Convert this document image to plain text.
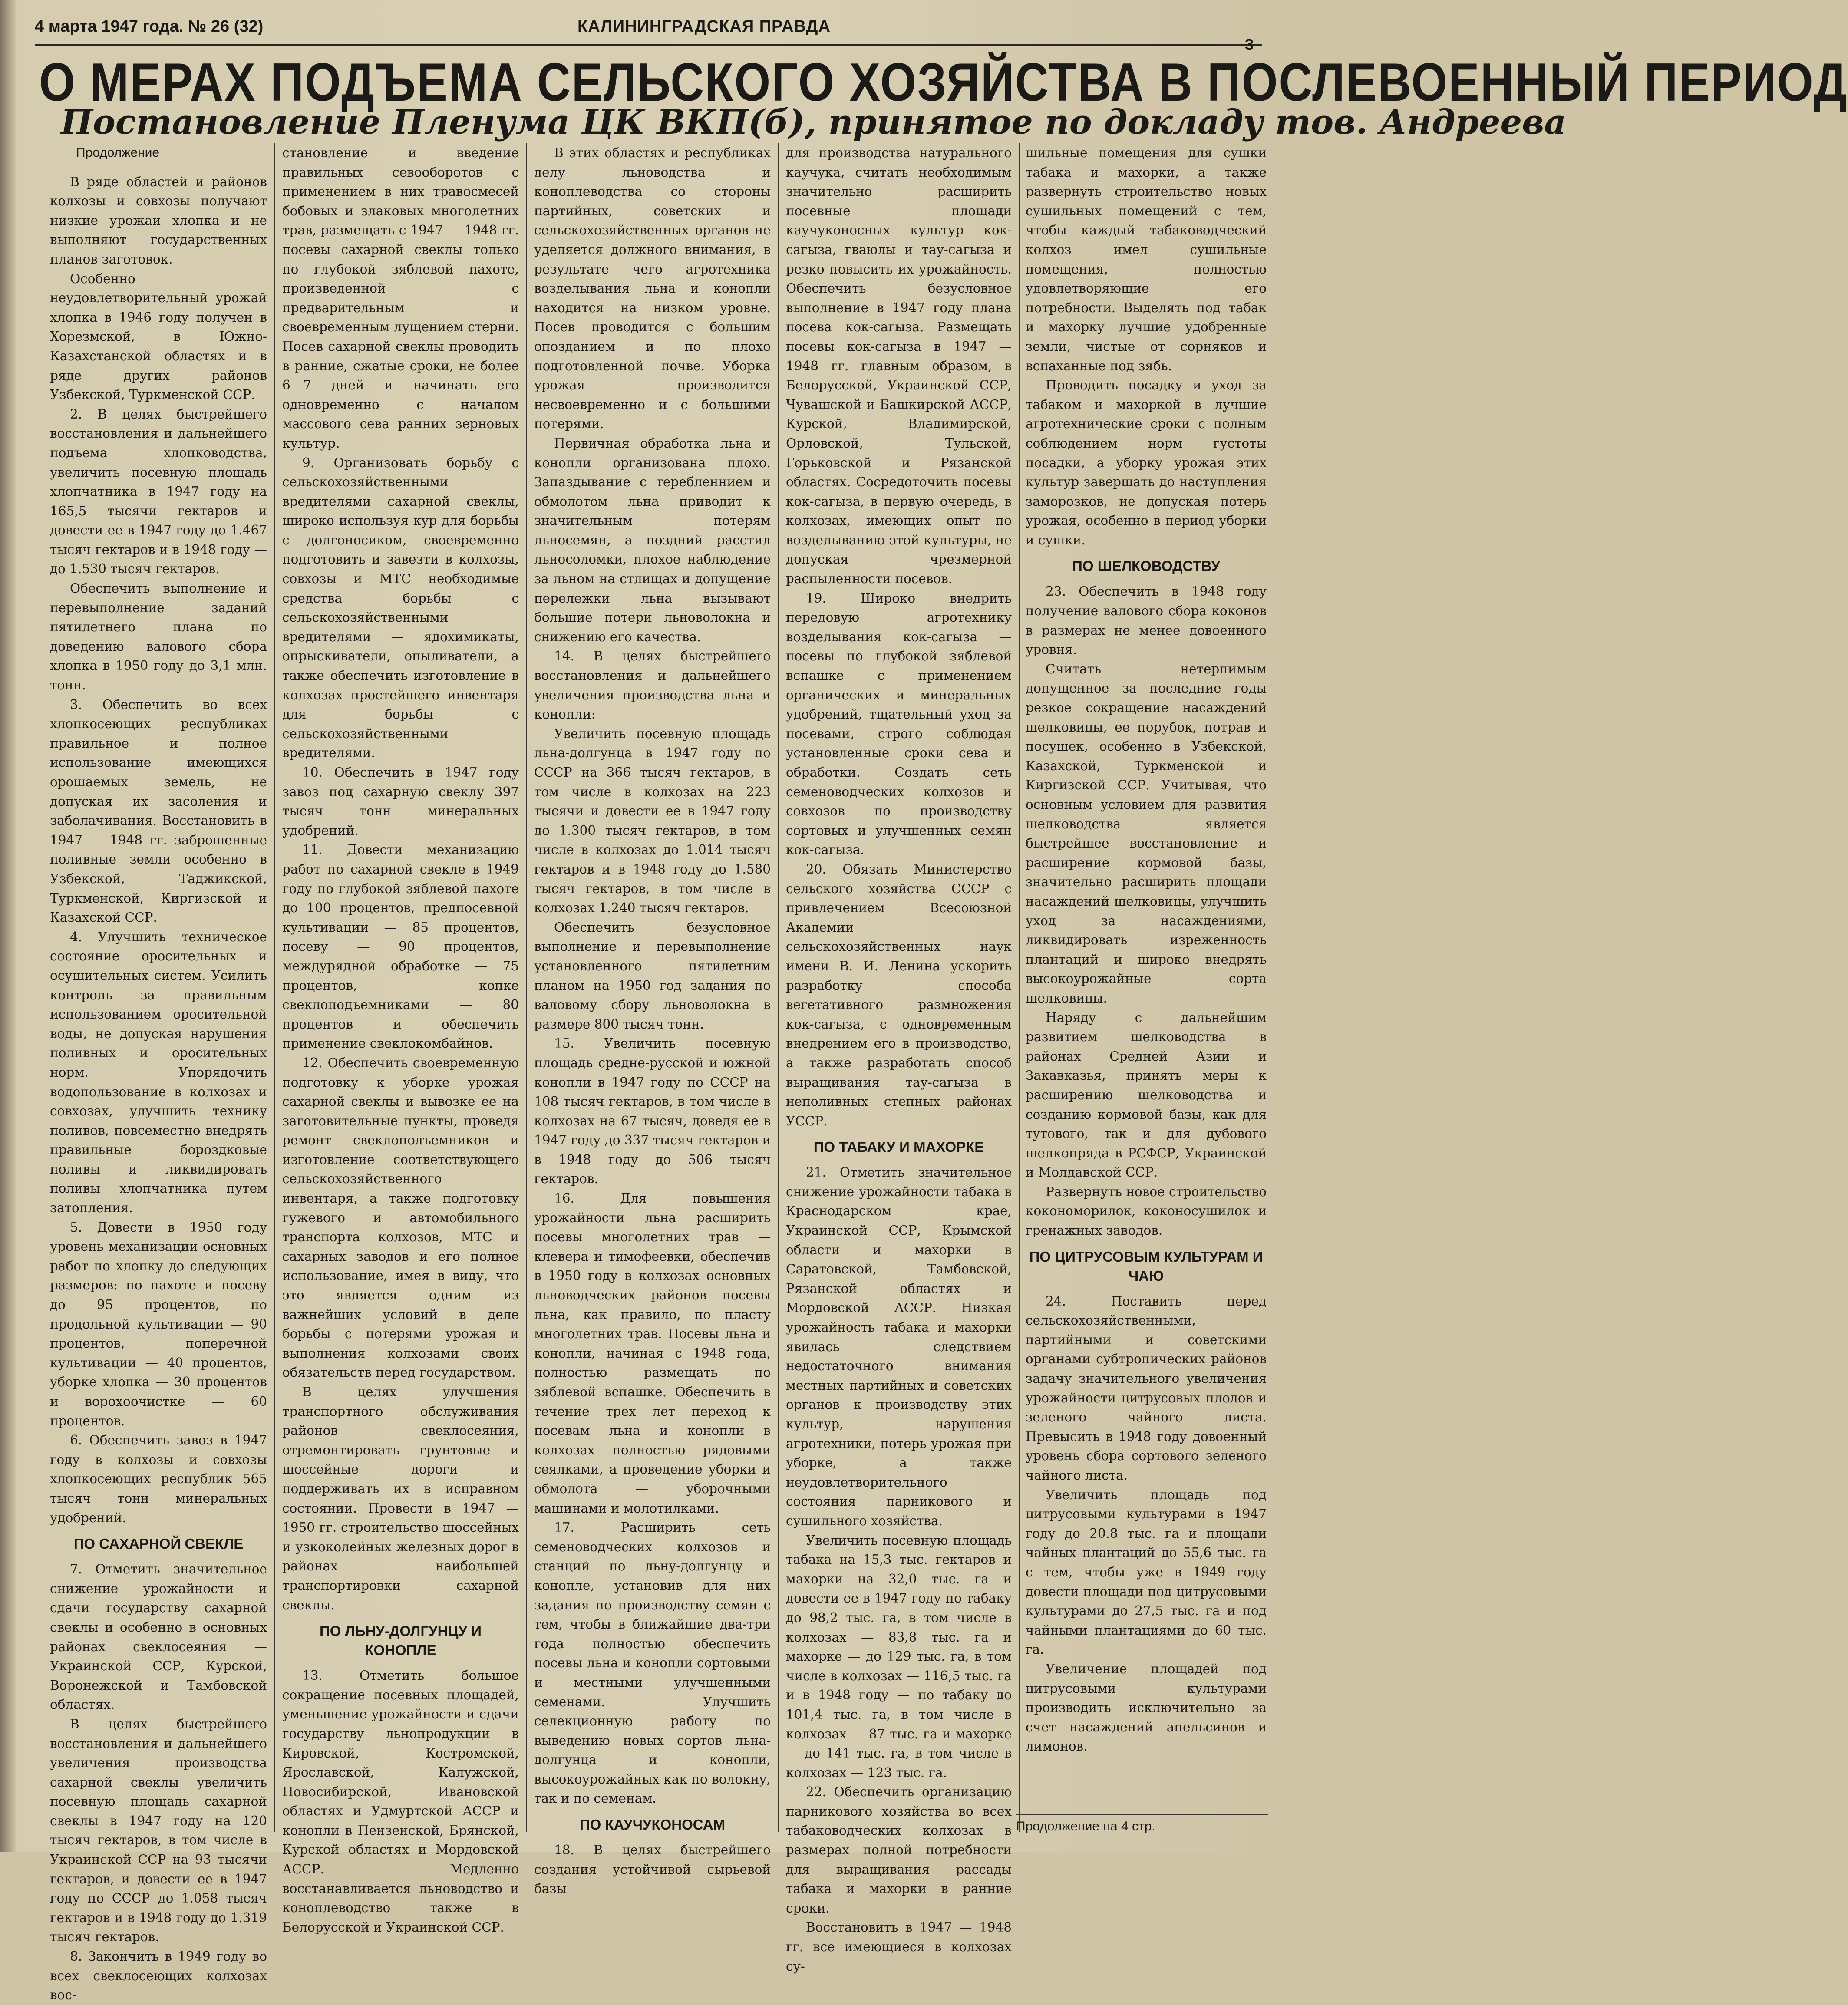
4 марта 1947 года. № 26 (32)	КАЛИНИНГРАДСКАЯ ПРАВДА
3
О МЕРАХ ПОДЪЕМА СЕЛЬСКОГО ХОЗЯЙСТВА В ПОСЛЕВОЕННЫЙ ПЕРИОД
Постановление Пленума ЦК ВКП(б), принятое по докладу тов. Андреева

Продолжение

В ряде областей и районов колхозы и совхозы получают низкие урожаи хлопка и не выполняют государственных планов заготовок.

Особенно неудовлетворительный урожай хлопка в 1946 году получен в Хорезмской, в Южно-Казахстанской областях и в ряде других районов Узбекской, Туркменской ССР.

2. В целях быстрейшего восстановления и дальнейшего подъема хлопководства, увеличить посевную площадь хлопчатника в 1947 году на 165,5 тысячи гектаров и довести ее в 1947 году до 1.467 тысяч гектаров и в 1948 году — до 1.530 тысяч гектаров.

Обеспечить выполнение и перевыполнение заданий пятилетнего плана по доведению валового сбора хлопка в 1950 году до 3,1 млн. тонн.

3. Обеспечить во всех хлопкосеющих республиках правильное и полное использование имеющихся орошаемых земель, не допуская их засоления и заболачивания. Восстановить в 1947 — 1948 гг. заброшенные поливные земли особенно в Узбекской, Таджикской, Туркменской, Киргизской и Казахской ССР.

4. Улучшить техническое состояние оросительных и осушительных систем. Усилить контроль за правильным использованием оросительной воды, не допуская нарушения поливных и оросительных норм. Упорядочить водопользование в колхозах и совхозах, улучшить технику поливов, повсеместно внедрять правильные бороздковые поливы и ликвидировать поливы хлопчатника путем затопления.

5. Довести в 1950 году уровень механизации основных работ по хлопку до следующих размеров: по пахоте и посеву до 95 процентов, по продольной культивации — 90 процентов, поперечной культивации — 40 процентов, уборке хлопка — 30 процентов и ворохоочистке — 60 процентов.

6. Обеспечить завоз в 1947 году в колхозы и совхозы хлопкосеющих республик 565 тысяч тонн минеральных удобрений.

ПО САХАРНОЙ СВЕКЛЕ

7. Отметить значительное снижение урожайности и сдачи государству сахарной свеклы и особенно в основных районах свеклосеяния — Украинской ССР, Курской, Воронежской и Тамбовской областях.

В целях быстрейшего восстановления и дальнейшего увеличения производства сахарной свеклы увеличить посевную площадь сахарной свеклы в 1947 году на 120 тысяч гектаров, в том числе в Украинской ССР на 93 тысячи гектаров, и довести ее в 1947 году по СССР до 1.058 тысяч гектаров и в 1948 году до 1.319 тысяч гектаров.

8. Закончить в 1949 году во всех свеклосеющих колхозах вос-

становление и введение правильных севооборотов с применением в них травосмесей бобовых и злаковых многолетних трав, размещать с 1947 — 1948 гг. посевы сахарной свеклы только по глубокой зяблевой пахоте, произведенной с предварительным и своевременным лущением стерни. Посев сахарной свеклы проводить в ранние, сжатые сроки, не более 6—7 дней и начинать его одновременно с началом массового сева ранних зерновых культур.

9. Организовать борьбу с сельскохозяйственными вредителями сахарной свеклы, широко используя кур для борьбы с долгоносиком, своевременно подготовить и завезти в колхозы, совхозы и МТС необходимые средства борьбы с сельскохозяйственными вредителями — ядохимикаты, опрыскиватели, опыливатели, а также обеспечить изготовление в колхозах простейшего инвентаря для борьбы с сельскохозяйственными вредителями.

10. Обеспечить в 1947 году завоз под сахарную свеклу 397 тысяч тонн минеральных удобрений.

11. Довести механизацию работ по сахарной свекле в 1949 году по глубокой зяблевой пахоте до 100 процентов, предпосевной культивации — 85 процентов, посеву — 90 процентов, междурядной обработке — 75 процентов, копке свеклоподъемниками — 80 процентов и обеспечить применение свеклокомбайнов.

12. Обеспечить своевременную подготовку к уборке урожая сахарной свеклы и вывозке ее на заготовительные пункты, проведя ремонт свеклоподъемников и изготовление соответствующего сельскохозяйственного инвентаря, а также подготовку гужевого и автомобильного транспорта колхозов, МТС и сахарных заводов и его полное использование, имея в виду, что это является одним из важнейших условий в деле борьбы с потерями урожая и выполнения колхозами своих обязательств перед государством.

В целях улучшения транспортного обслуживания районов свеклосеяния, отремонтировать грунтовые и шоссейные дороги и поддерживать их в исправном состоянии. Провести в 1947 — 1950 гг. строительство шоссейных и узкоколейных железных дорог в районах наибольшей транспортировки сахарной свеклы.

ПО ЛЬНУ-ДОЛГУНЦУ И КОНОПЛЕ

13. Отметить большое сокращение посевных площадей, уменьшение урожайности и сдачи государству льнопродукции в Кировской, Костромской, Ярославской, Калужской, Новосибирской, Ивановской областях и Удмуртской АССР и конопли в Пензенской, Брянской, Курской областях и Мордовской АССР. Медленно восстанавливается льноводство и коноплеводство также в Белорусской и Украинской ССР.

В этих областях и республиках делу льноводства и коноплеводства со стороны партийных, советских и сельскохозяйственных органов не уделяется должного внимания, в результате чего агротехника возделывания льна и конопли находится на низком уровне. Посев проводится с большим опозданием и по плохо подготовленной почве. Уборка урожая производится несвоевременно и с большими потерями.

Первичная обработка льна и конопли организована плохо. Запаздывание с теребленнием и обмолотом льна приводит к значительным потерям льносемян, а поздний расстил льносоломки, плохое наблюдение за льном на стлищах и допущение перележки льна вызывают большие потери льноволокна и снижению его качества.

14. В целях быстрейшего восстановления и дальнейшего увеличения производства льна и конопли:

Увеличить посевную площадь льна-долгунца в 1947 году по СССР на 366 тысяч гектаров, в том числе в колхозах на 223 тысячи и довести ее в 1947 году до 1.300 тысяч гектаров, в том числе в колхозах до 1.014 тысяч гектаров и в 1948 году до 1.580 тысяч гектаров, в том числе в колхозах 1.240 тысяч гектаров.

Обеспечить безусловное выполнение и перевыполнение установленного пятилетним планом на 1950 год задания по валовому сбору льноволокна в размере 800 тысяч тонн.

15. Увеличить посевную площадь средне-русской и южной конопли в 1947 году по СССР на 108 тысяч гектаров, в том числе в колхозах на 67 тысяч, доведя ее в 1947 году до 337 тысяч гектаров и в 1948 году до 506 тысяч гектаров.

16. Для повышения урожайности льна расширить посевы многолетних трав — клевера и тимофеевки, обеспечив в 1950 году в колхозах основных льноводческих районов посевы льна, как правило, по пласту многолетних трав. Посевы льна и конопли, начиная с 1948 года, полностью размещать по зяблевой вспашке. Обеспечить в течение трех лет переход к посевам льна и конопли в колхозах полностью рядовыми сеялками, а проведение уборки и обмолота — уборочными машинами и молотилками.

17. Расширить сеть семеноводческих колхозов и станций по льну-долгунцу и конопле, установив для них задания по производству семян с тем, чтобы в ближайшие два-три года полностью обеспечить посевы льна и конопли сортовыми и местными улучшенными семенами. Улучшить селекционную работу по выведению новых сортов льна-долгунца и конопли, высокоурожайных как по волокну, так и по семенам.

ПО КАУЧУКОНОСАМ

18. В целях быстрейшего создания устойчивой сырьевой базы

для производства натурального каучука, считать необходимым значительно расширить посевные площади каучуконосных культур кок-сагыза, гваюлы и тау-сагыза и резко повысить их урожайность. Обеспечить безусловное выполнение в 1947 году плана посева кок-сагыза. Размещать посевы кок-сагыза в 1947 — 1948 гг. главным образом, в Белорусской, Украинской ССР, Чувашской и Башкирской АССР, Курской, Владимирской, Орловской, Тульской, Горьковской и Рязанской областях. Сосредоточить посевы кок-сагыза, в первую очередь, в колхозах, имеющих опыт по возделыванию этой культуры, не допуская чрезмерной распыленности посевов.

19. Широко внедрить передовую агротехнику возделывания кок-сагыза — посевы по глубокой зяблевой вспашке с применением органических и минеральных удобрений, тщательный уход за посевами, строго соблюдая установленные сроки сева и обработки. Создать сеть семеноводческих колхозов и совхозов по производству сортовых и улучшенных семян кок-сагыза.

20. Обязать Министерство сельского хозяйства СССР с привлечением Всесоюзной Академии сельскохозяйственных наук имени В. И. Ленина ускорить разработку способа вегетативного размножения кок-сагыза, с одновременным внедрением его в производство, а также разработать способ выращивания тау-сагыза в неполивных степных районах УССР.

ПО ТАБАКУ И МАХОРКЕ

21. Отметить значительное снижение урожайности табака в Краснодарском крае, Украинской ССР, Крымской области и махорки в Саратовской, Тамбовской, Рязанской областях и Мордовской АССР. Низкая урожайность табака и махорки явилась следствием недостаточного внимания местных партийных и советских органов к производству этих культур, нарушения агротехники, потерь урожая при уборке, а также неудовлетворительного состояния парникового и сушильного хозяйства.

Увеличить посевную площадь табака на 15,3 тыс. гектаров и махорки на 32,0 тыс. га и довести ее в 1947 году по табаку до 98,2 тыс. га, в том числе в колхозах — 83,8 тыс. га и махорке — до 129 тыс. га, в том числе в колхозах — 116,5 тыс. га и в 1948 году — по табаку до 101,4 тыс. га, в том числе в колхозах — 87 тыс. га и махорке — до 141 тыс. га, в том числе в колхозах — 123 тыс. га.

22. Обеспечить организацию парникового хозяйства во всех табаководческих колхозах в размерах полной потребности для выращивания рассады табака и махорки в ранние сроки.

Восстановить в 1947 — 1948 гг. все имеющиеся в колхозах су-

шильные помещения для сушки табака и махорки, а также развернуть строительство новых сушильных помещений с тем, чтобы каждый табаководческий колхоз имел сушильные помещения, полностью удовлетворяющие его потребности. Выделять под табак и махорку лучшие удобренные земли, чистые от сорняков и вспаханные под зябь.

Проводить посадку и уход за табаком и махоркой в лучшие агротехнические сроки с полным соблюдением норм густоты посадки, а уборку урожая этих культур завершать до наступления заморозков, не допуская потерь урожая, особенно в период уборки и сушки.

ПО ШЕЛКОВОДСТВУ

23. Обеспечить в 1948 году получение валового сбора коконов в размерах не менее довоенного уровня.

Считать нетерпимым допущенное за последние годы резкое сокращение насаждений шелковицы, ее порубок, потрав и посушек, особенно в Узбекской, Казахской, Туркменской и Киргизской ССР. Учитывая, что основным условием для развития шелководства является быстрейшее восстановление и расширение кормовой базы, значительно расширить площади насаждений шелковицы, улучшить уход за насаждениями, ликвидировать изреженность плантаций и широко внедрять высокоурожайные сорта шелковицы.

Наряду с дальнейшим развитием шелководства в районах Средней Азии и Закавказья, принять меры к расширению шелководства и созданию кормовой базы, как для тутового, так и для дубового шелкопряда в РСФСР, Украинской и Молдавской ССР.

Развернуть новое строительство кокономорилок, коконосушилок и гренажных заводов.

ПО ЦИТРУСОВЫМ КУЛЬТУРАМ И ЧАЮ

24. Поставить перед сельскохозяйственными, партийными и советскими органами субтропических районов задачу значительного увеличения урожайности цитрусовых плодов и зеленого чайного листа. Превысить в 1948 году довоенный уровень сбора сортового зеленого чайного листа.

Увеличить площадь под цитрусовыми культурами в 1947 году до 20.8 тыс. га и площади чайных плантаций до 55,6 тыс. га с тем, чтобы уже в 1949 году довести площади под цитрусовыми культурами до 27,5 тыс. га и под чайными плантациями до 60 тыс. га.

Увеличение площадей под цитрусовыми культурами производить исключительно за счет насаждений апельсинов и лимонов.

Продолжение на 4 стр.
